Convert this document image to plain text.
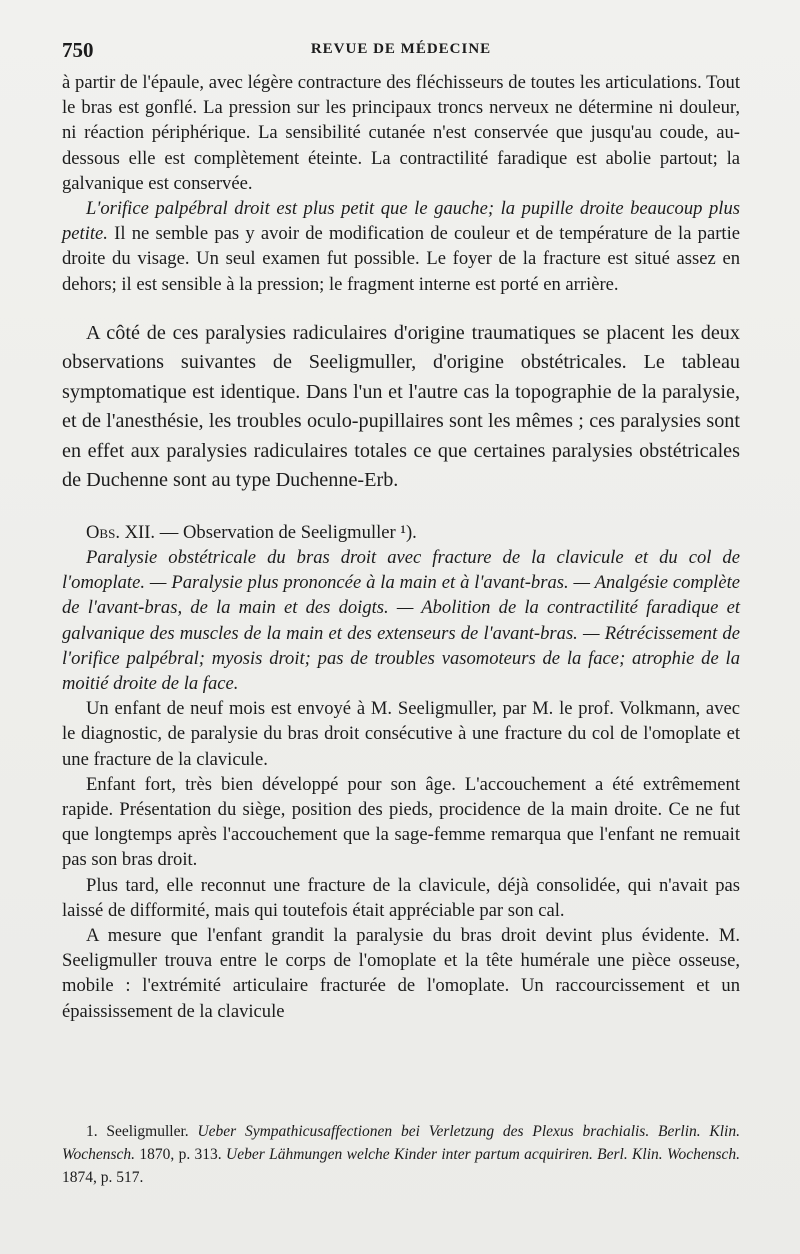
750	REVUE DE MÉDECINE

à partir de l'épaule, avec légère contracture des fléchisseurs de toutes les articulations. Tout le bras est gonflé. La pression sur les principaux troncs nerveux ne détermine ni douleur, ni réaction périphérique. La sensibilité cutanée n'est conservée que jusqu'au coude, au-dessous elle est complètement éteinte. La contractilité faradique est abolie partout; la galvanique est conservée.

L'orifice palpébral droit est plus petit que le gauche; la pupille droite beaucoup plus petite. Il ne semble pas y avoir de modification de couleur et de température de la partie droite du visage. Un seul examen fut possible. Le foyer de la fracture est situé assez en dehors; il est sensible à la pression; le fragment interne est porté en arrière.

A côté de ces paralysies radiculaires d'origine traumatiques se placent les deux observations suivantes de Seeligmuller, d'origine obstétricales. Le tableau symptomatique est identique. Dans l'un et l'autre cas la topographie de la paralysie, et de l'anesthésie, les troubles oculo-pupillaires sont les mêmes ; ces paralysies sont en effet aux paralysies radiculaires totales ce que certaines paralysies obstétricales de Duchenne sont au type Duchenne-Erb.

Obs. XII. — Observation de Seeligmuller ¹).

Paralysie obstétricale du bras droit avec fracture de la clavicule et du col de l'omoplate. — Paralysie plus prononcée à la main et à l'avant-bras. — Analgésie complète de l'avant-bras, de la main et des doigts. — Abolition de la contractilité faradique et galvanique des muscles de la main et des extenseurs de l'avant-bras. — Rétrécissement de l'orifice palpébral; myosis droit; pas de troubles vasomoteurs de la face; atrophie de la moitié droite de la face.

Un enfant de neuf mois est envoyé à M. Seeligmuller, par M. le prof. Volkmann, avec le diagnostic, de paralysie du bras droit consécutive à une fracture du col de l'omoplate et une fracture de la clavicule.

Enfant fort, très bien développé pour son âge. L'accouchement a été extrêmement rapide. Présentation du siège, position des pieds, procidence de la main droite. Ce ne fut que longtemps après l'accouchement que la sage-femme remarqua que l'enfant ne remuait pas son bras droit.

Plus tard, elle reconnut une fracture de la clavicule, déjà consolidée, qui n'avait pas laissé de difformité, mais qui toutefois était appréciable par son cal.

A mesure que l'enfant grandit la paralysie du bras droit devint plus évidente. M. Seeligmuller trouva entre le corps de l'omoplate et la tête humérale une pièce osseuse, mobile : l'extrémité articulaire fracturée de l'omoplate. Un raccourcissement et un épaississement de la clavicule

1. Seeligmuller. Ueber Sympathicusaffectionen bei Verletzung des Plexus brachialis. Berlin. Klin. Wochensch. 1870, p. 313. Ueber Lähmungen welche Kinder inter partum acquiriren. Berl. Klin. Wochensch. 1874, p. 517.
